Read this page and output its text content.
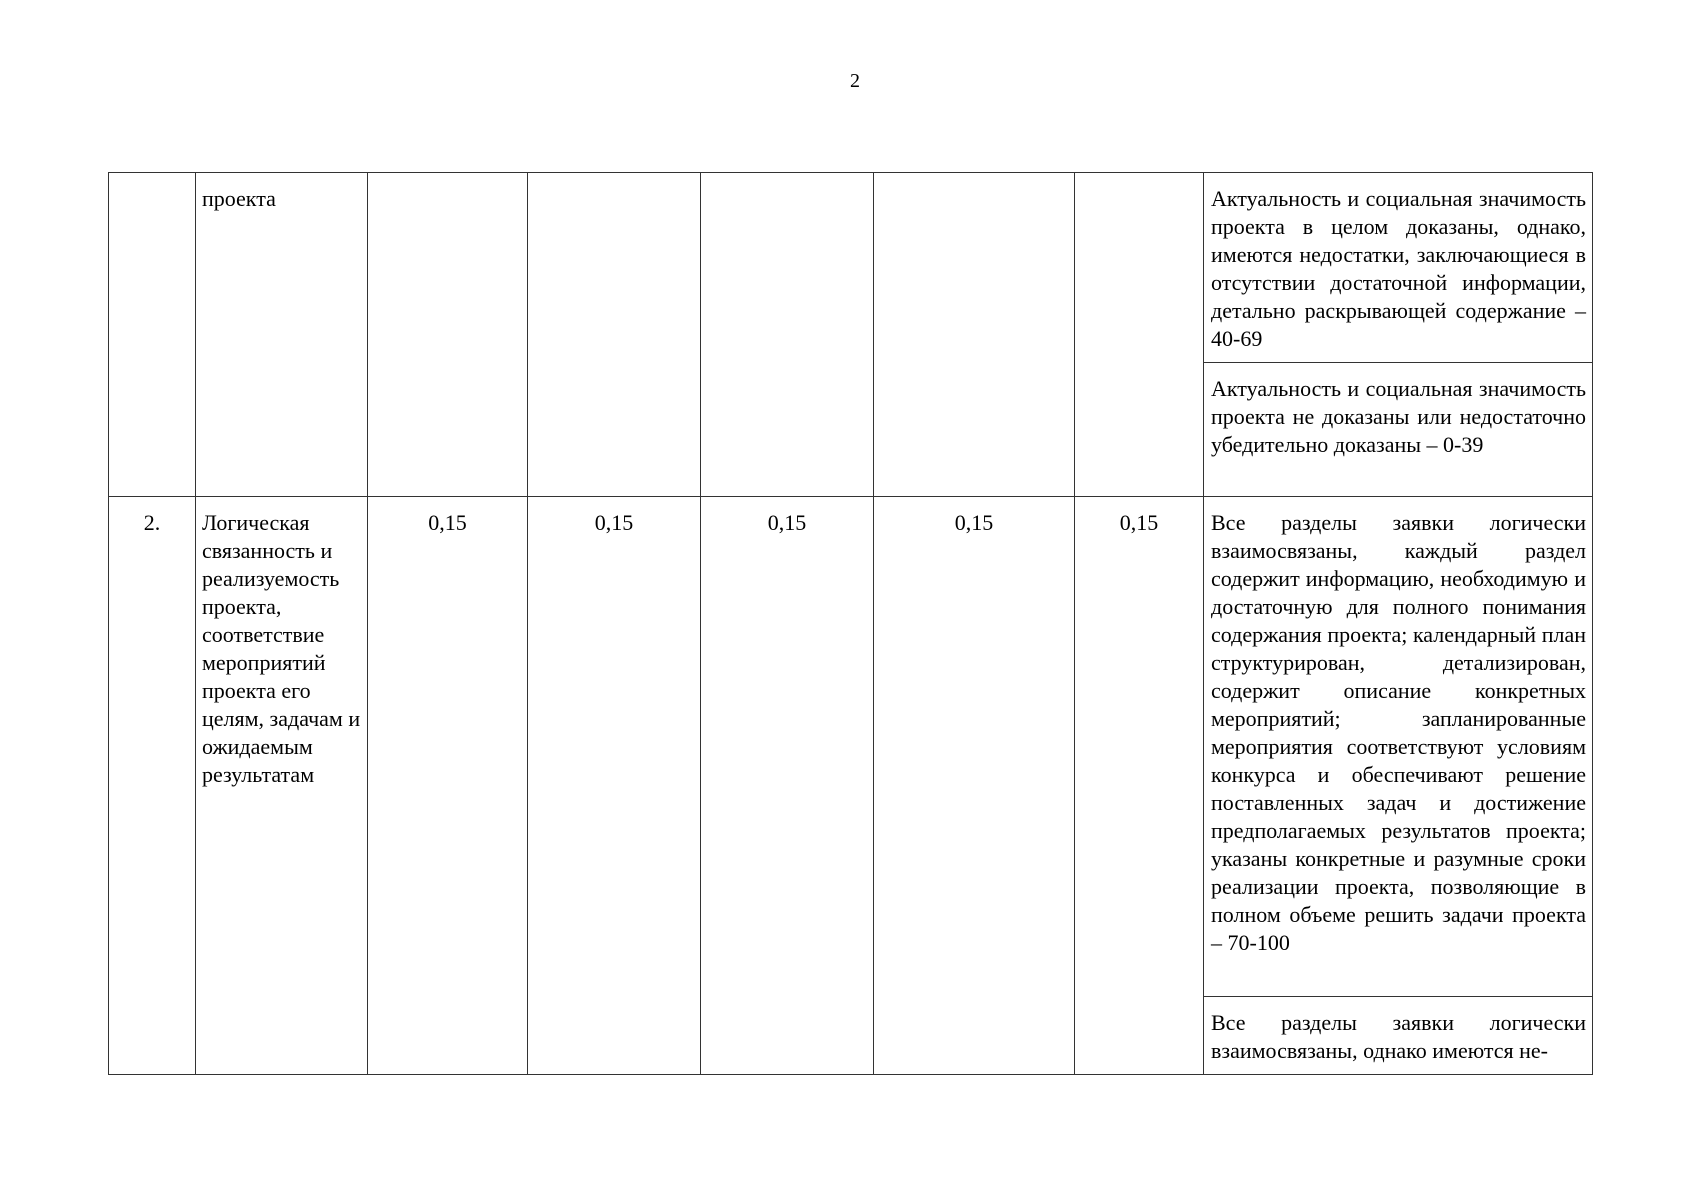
2
	проекта						Актуальность и социальная значимость проекта в целом доказаны, однако, имеются недостатки, заключающиеся в отсутствии достаточной информации, детально раскрывающей содержание – 40-69
							Актуальность и социальная значимость проекта не доказаны или недостаточно убедительно доказаны – 0-39
2.	Логическая связанность и реализуемость проекта, соответствие мероприятий проекта его целям, задачам и ожидаемым результатам	0,15	0,15	0,15	0,15	0,15	Все разделы заявки логически взаимосвязаны, каждый раздел содержит информацию, необходимую и достаточную для полного понимания содержания проекта; календарный план структурирован, детализирован, содержит описание конкретных мероприятий; запланированные мероприятия соответствуют условиям конкурса и обеспечивают решение поставленных задач и достижение предполагаемых результатов проекта; указаны конкретные и разумные сроки реализации проекта, позволяющие в полном объеме решить задачи проекта – 70-100
							Все разделы заявки логически взаимосвязаны, однако имеются не-
